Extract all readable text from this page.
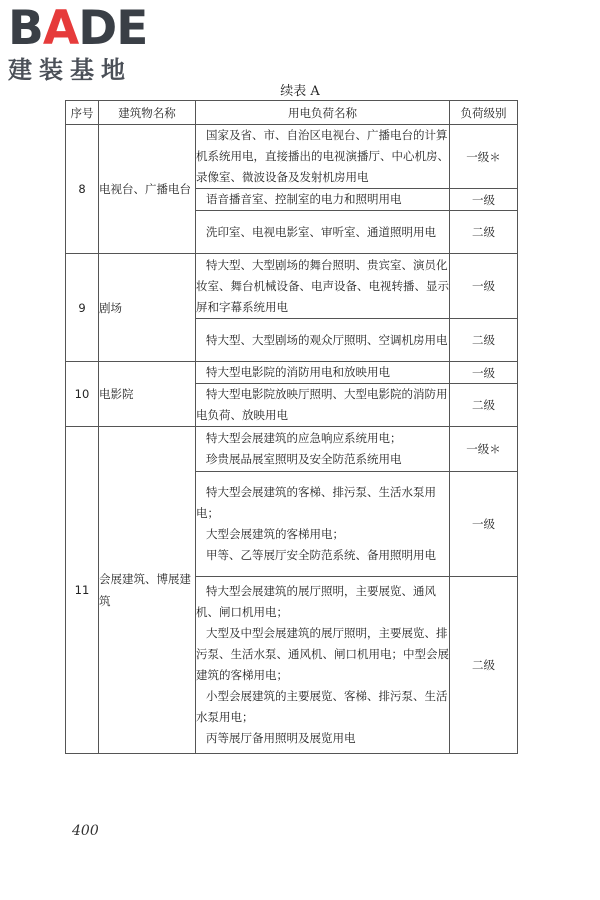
BADE
建装基地
续表 A
序号	建筑物名称	用电负荷名称	负荷级别
8	电视台、广播电台	国家及省、市、自治区电视台、广播电台的计算机系统用电，直接播出的电视演播厅、中心机房、录像室、微波设备及发射机房用电	一级＊

		语音播音室、控制室的电力和照明用电	一级

		洗印室、电视电影室、审听室、通道照明用电	二级
9	剧场	特大型、大型剧场的舞台照明、贵宾室、演员化妆室、舞台机械设备、电声设备、电视转播、显示屏和字幕系统用电	一级

		特大型、大型剧场的观众厅照明、空调机房用电	二级
10	电影院	特大型电影院的消防用电和放映用电	一级

		特大型电影院放映厅照明、大型电影院的消防用电负荷、放映用电	二级
11	会展建筑、博展建筑	特大型会展建筑的应急响应系统用电；
珍贵展品展室照明及安全防范系统用电	一级＊

		特大型会展建筑的客梯、排污泵、生活水泵用电；
大型会展建筑的客梯用电；
甲等、乙等展厅安全防范系统、备用照明用电	一级

		特大型会展建筑的展厅照明，主要展览、通风机、闸口机用电；
大型及中型会展建筑的展厅照明，主要展览、排污泵、生活水泵、通风机、闸口机用电；中型会展建筑的客梯用电；
小型会展建筑的主要展览、客梯、排污泵、生活水泵用电；
丙等展厅备用照明及展览用电	二级
400
